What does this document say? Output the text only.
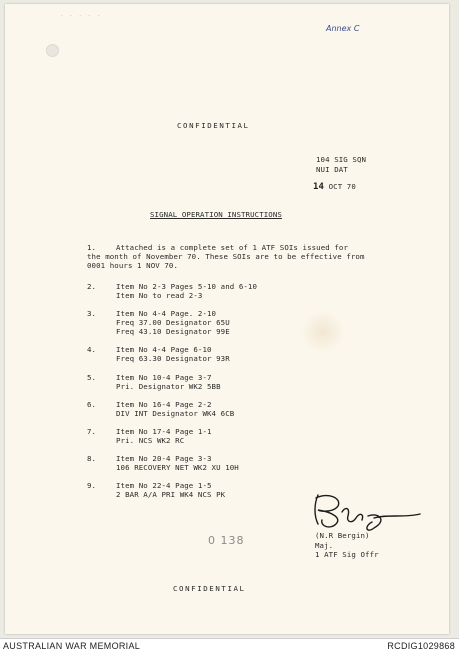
- - - - -
Annex C
CONFIDENTIAL
104 SIG SQN
NUI DAT
14 OCT 70
SIGNAL OPERATION INSTRUCTIONS
1.	Attached is a complete set of 1 ATF SOIs issued for
the month of November 70. These SOIs are to be effective from
0001 hours 1 NOV 70.
2.	Item No 2-3 Pages 5-10 and 6-10
Item No to read 2-3
3.	Item No 4-4 Page. 2-10
Freq 37.00 Designator 65U
Freq 43.10 Designator 99E
4.	Item No 4-4 Page 6-10
Freq 63.30 Designator 93R
5.	Item No 10-4 Page 3-7
Pri. Designator WK2 5BB
6.	Item No 16-4 Page 2-2
DIV INT Designator WK4 6CB
7.	Item No 17-4 Page 1-1
Pri. NCS WK2 RC
8.	Item No 20-4 Page 3-3
106 RECOVERY NET WK2 XU 10H
9.	Item No 22-4 Page 1-5
2 BAR A/A PRI WK4 NCS PK
(N.R Bergin)
Maj.
1 ATF Sig Offr
0 138
CONFIDENTIAL
AUSTRALIAN WAR MEMORIAL	RCDIG1029868
